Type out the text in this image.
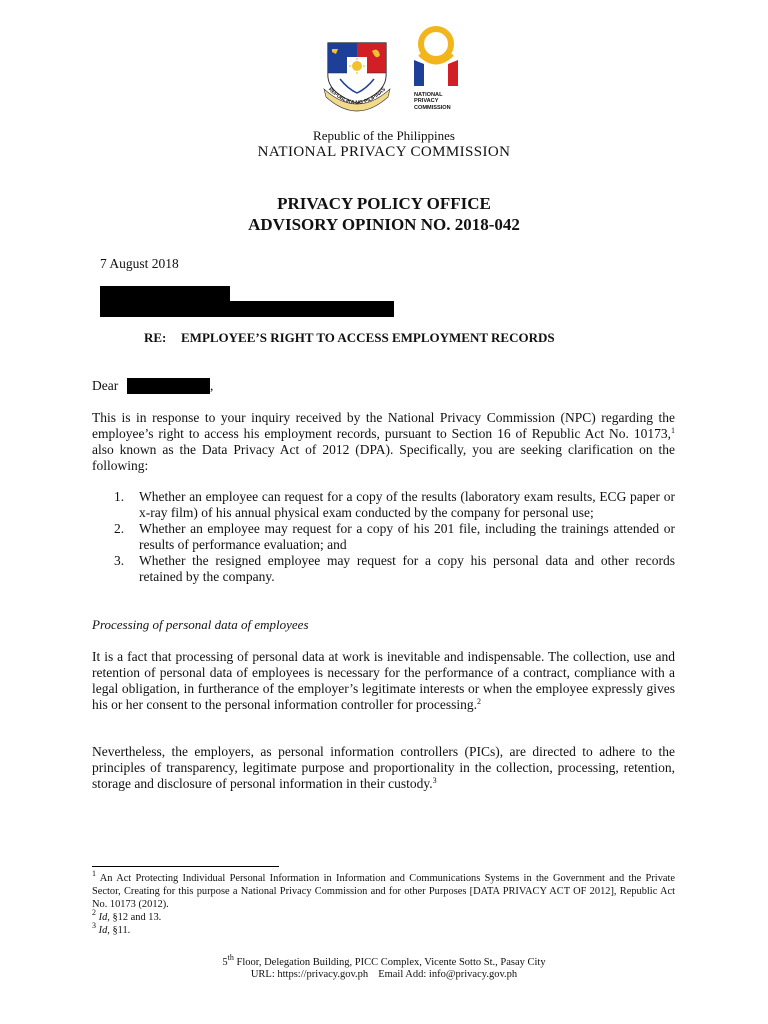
REPUBLIKA NG PILIPINAS
NATIONAL
PRIVACY
COMMISSION
Republic of the Philippines
NATIONAL PRIVACY COMMISSION
PRIVACY POLICY OFFICE
ADVISORY OPINION NO. 2018-042
7 August 2018
RE: EMPLOYEE’S RIGHT TO ACCESS EMPLOYMENT RECORDS
Dear	,
This is in response to your inquiry received by the National Privacy Commission (NPC) regarding the employee’s right to access his employment records, pursuant to Section 16 of Republic Act No. 10173,$^1$ also known as the Data Privacy Act of 2012 (DPA). Specifically, you are seeking clarification on the following:
1. Whether an employee can request for a copy of the results (laboratory exam results, ECG paper or x-ray film) of his annual physical exam conducted by the company for personal use;
2. Whether an employee may request for a copy of his 201 file, including the trainings attended or results of performance evaluation; and
3. Whether the resigned employee may request for a copy his personal data and other records retained by the company.
Processing of personal data of employees
It is a fact that processing of personal data at work is inevitable and indispensable. The collection, use and retention of personal data of employees is necessary for the performance of a contract, compliance with a legal obligation, in furtherance of the employer’s legitimate interests or when the employee expressly gives his or her consent to the personal information controller for processing.$^2$
Nevertheless, the employers, as personal information controllers (PICs), are directed to adhere to the principles of transparency, legitimate purpose and proportionality in the collection, processing, retention, storage and disclosure of personal information in their custody.$^3$
$^1$ An Act Protecting Individual Personal Information in Information and Communications Systems in the Government and the Private Sector, Creating for this purpose a National Privacy Commission and for other Purposes [DATA PRIVACY ACT OF 2012], Republic Act No. 10173 (2012).
$^2$ Id, §12 and 13.
$^3$ Id, §11.
5th Floor, Delegation Building, PICC Complex, Vicente Sotto St., Pasay City
URL: https://privacy.gov.ph Email Add: info@privacy.gov.ph
